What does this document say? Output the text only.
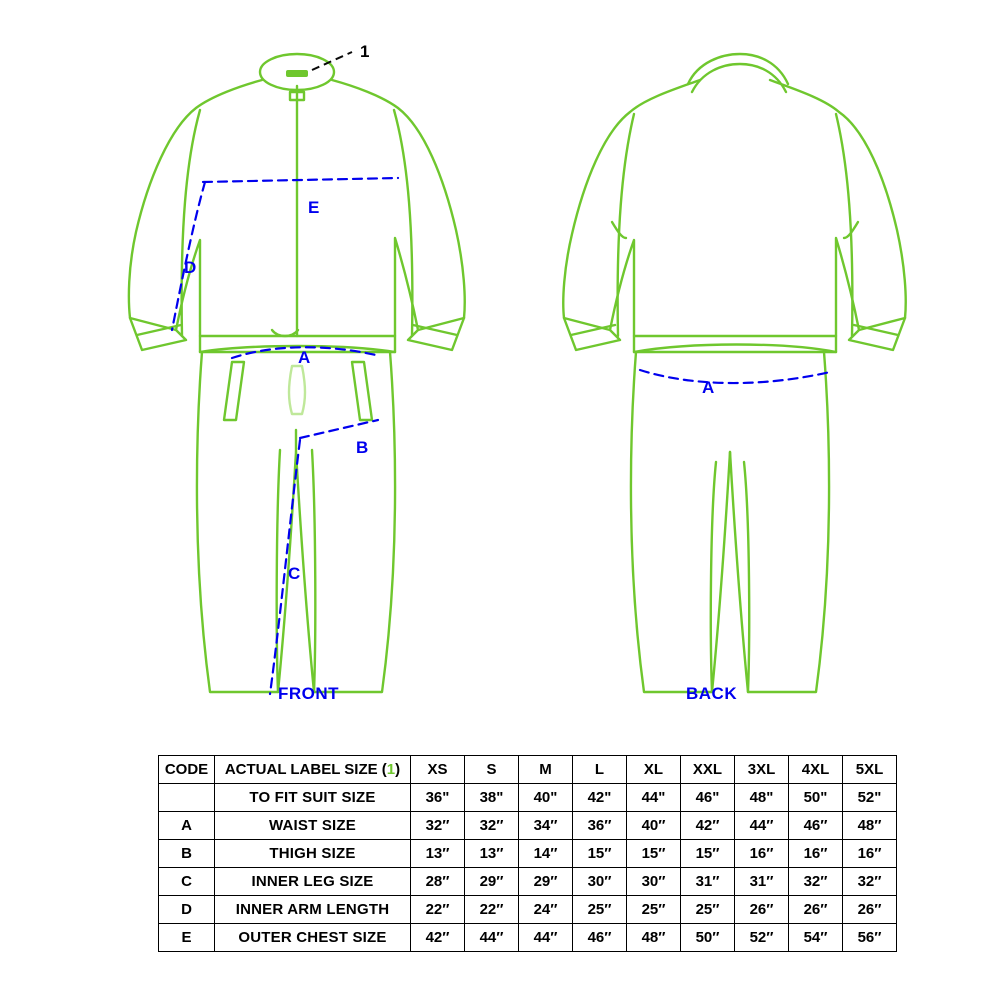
1
E
D
A
B
C
FRONT
A
BACK
CODE	ACTUAL LABEL SIZE (1)	XS	S	M	L	XL	XXL	3XL	4XL	5XL
	TO FIT SUIT SIZE	36"	38"	40"	42"	44"	46"	48"	50"	52"
A	WAIST SIZE	32″	32″	34″	36″	40″	42″	44″	46″	48″
B	THIGH SIZE	13″	13″	14″	15″	15″	15″	16″	16″	16″
C	INNER LEG SIZE	28″	29″	29″	30″	30″	31″	31″	32″	32″
D	INNER ARM LENGTH	22″	22″	24″	25″	25″	25″	26″	26″	26″
E	OUTER CHEST SIZE	42″	44″	44″	46″	48″	50″	52″	54″	56″
